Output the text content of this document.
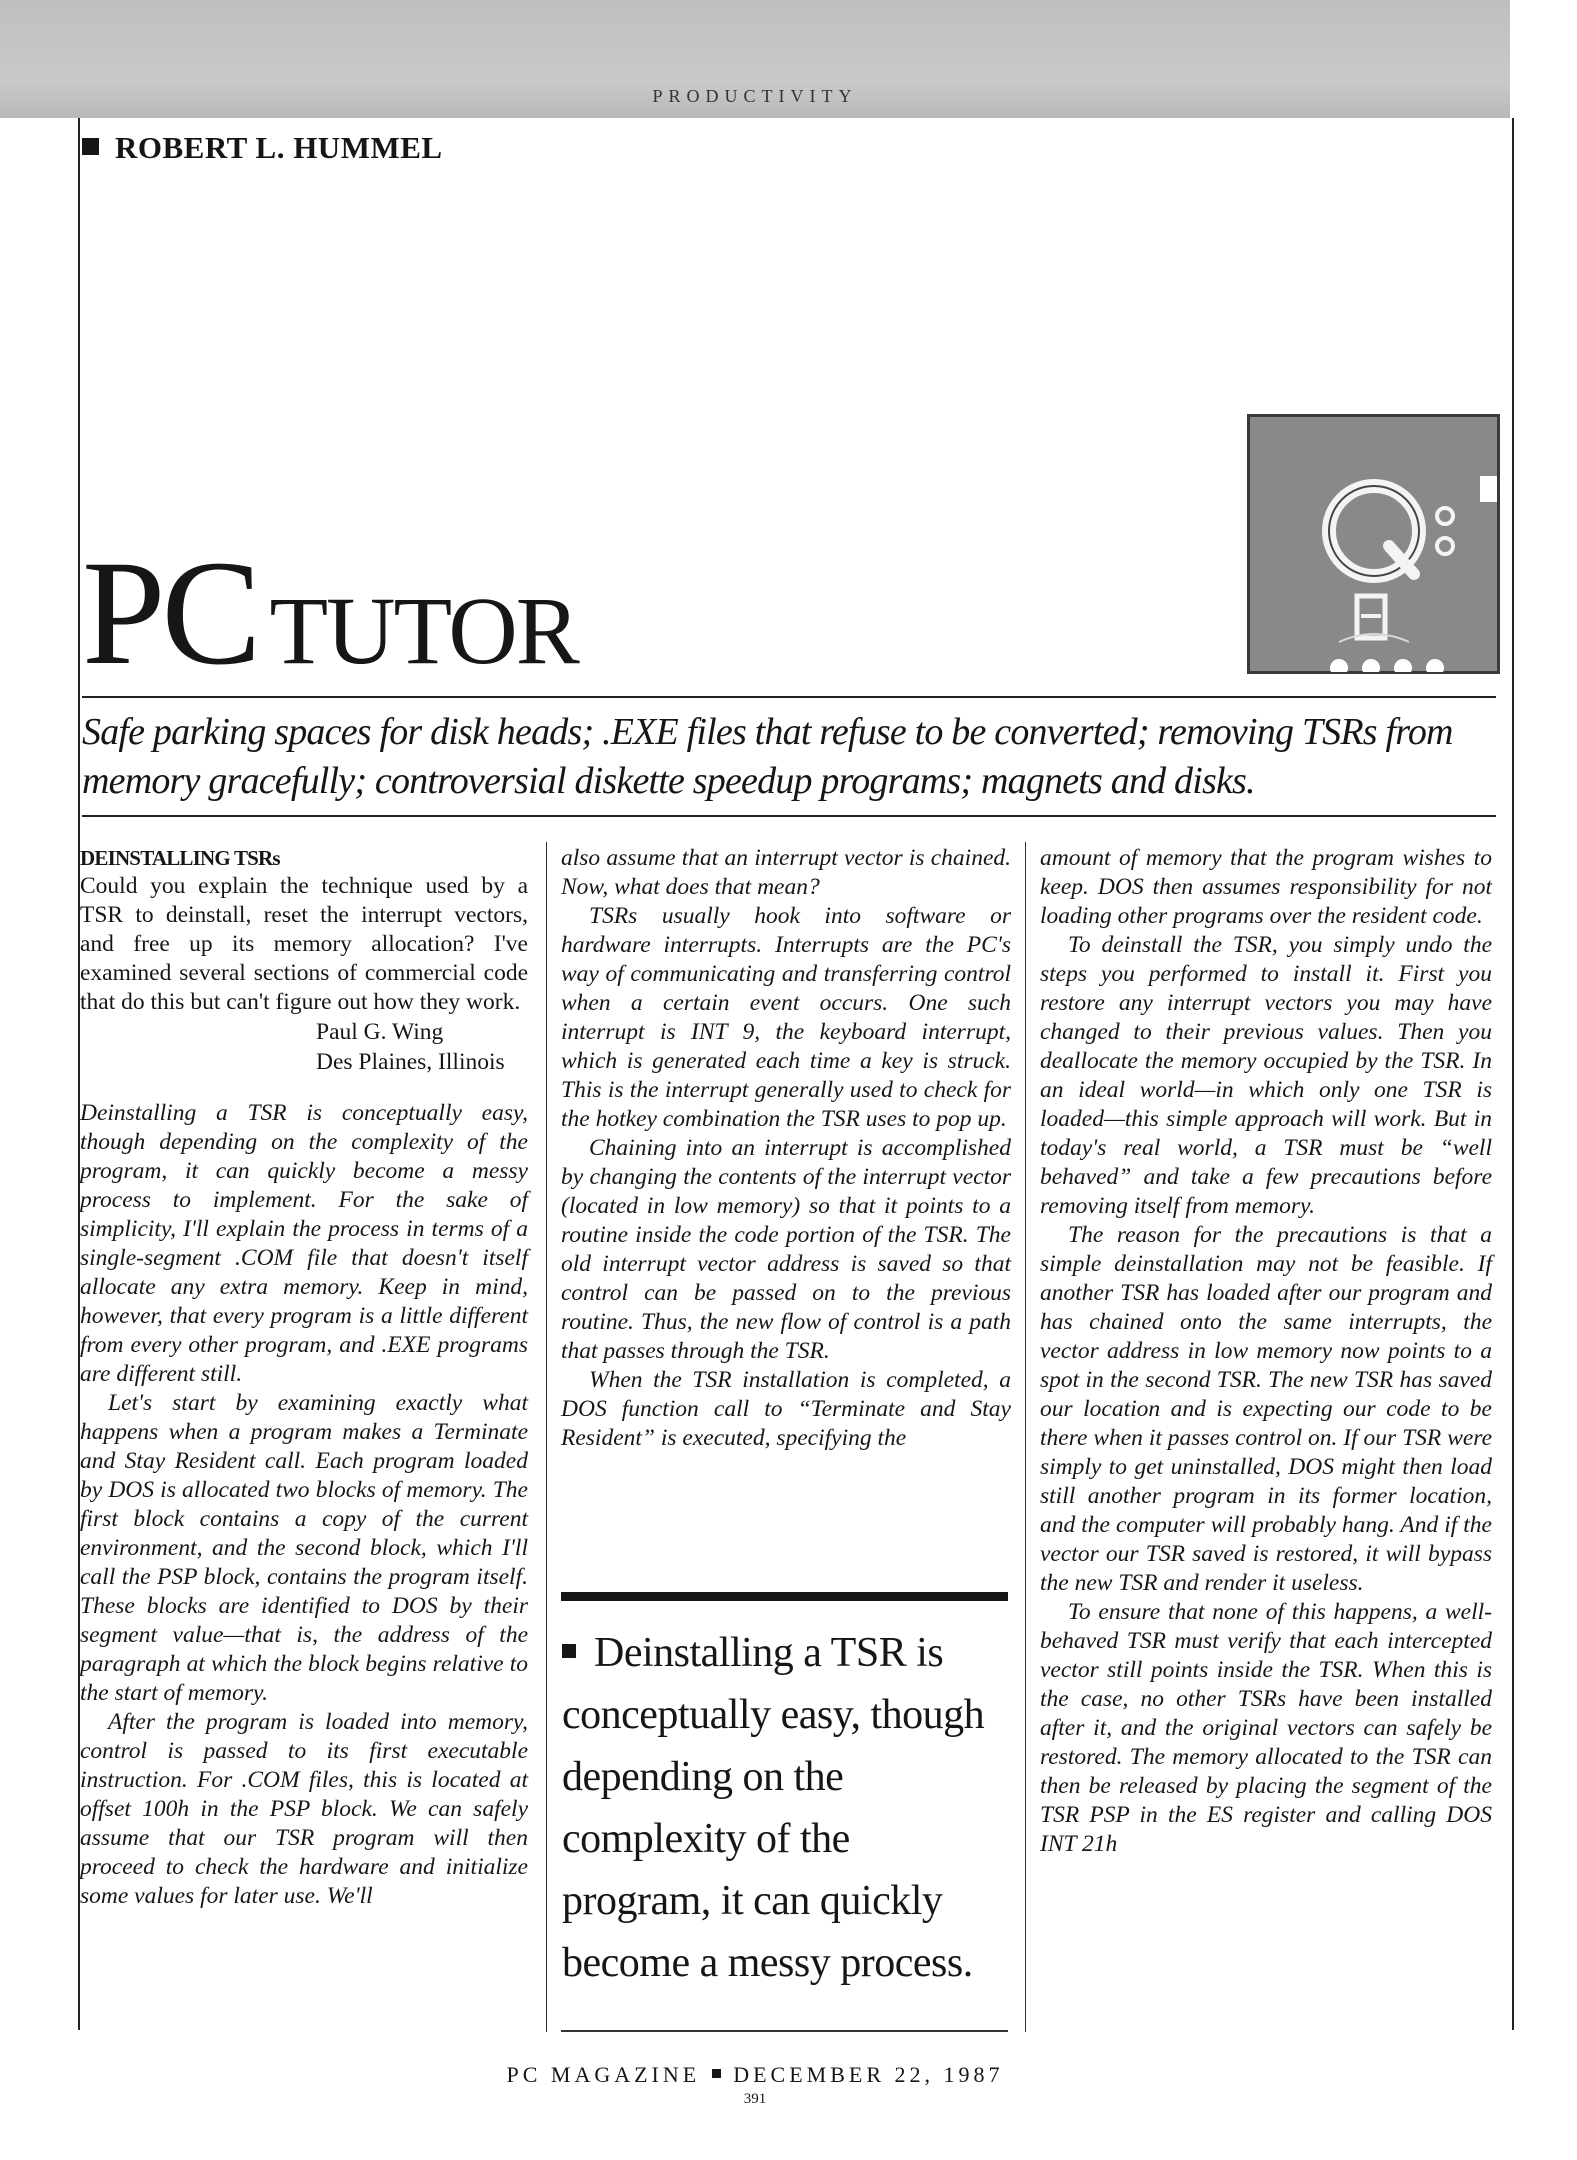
PRODUCTIVITY
ROBERT L. HUMMEL
PC TUTOR
Safe parking spaces for disk heads; .EXE files that refuse to be converted; removing TSRs from memory gracefully; controversial diskette speedup programs; magnets and disks.
DEINSTALLING TSRs

Could you explain the technique used by a TSR to deinstall, reset the interrupt vectors, and free up its memory allocation? I've examined several sections of commercial code that do this but can't figure out how they work.

Paul G. Wing
Des Plaines, Illinois

Deinstalling a TSR is conceptually easy, though depending on the complexity of the program, it can quickly become a messy process to implement. For the sake of simplicity, I'll explain the process in terms of a single-segment .COM file that doesn't itself allocate any extra memory. Keep in mind, however, that every program is a little different from every other program, and .EXE programs are different still.

Let's start by examining exactly what happens when a program makes a Terminate and Stay Resident call. Each program loaded by DOS is allocated two blocks of memory. The first block contains a copy of the current environment, and the second block, which I'll call the PSP block, contains the program itself. These blocks are identified to DOS by their segment value—that is, the address of the paragraph at which the block begins relative to the start of memory.

After the program is loaded into memory, control is passed to its first executable instruction. For .COM files, this is located at offset 100h in the PSP block. We can safely assume that our TSR program will then proceed to check the hardware and initialize some values for later use. We'll

also assume that an interrupt vector is chained. Now, what does that mean?

TSRs usually hook into software or hardware interrupts. Interrupts are the PC's way of communicating and transferring control when a certain event occurs. One such interrupt is INT 9, the keyboard interrupt, which is generated each time a key is struck. This is the interrupt generally used to check for the hotkey combination the TSR uses to pop up.

Chaining into an interrupt is accomplished by changing the contents of the interrupt vector (located in low memory) so that it points to a routine inside the code portion of the TSR. The old interrupt vector address is saved so that control can be passed on to the previous routine. Thus, the new flow of control is a path that passes through the TSR.

When the TSR installation is completed, a DOS function call to “Terminate and Stay Resident” is executed, specifying the

Deinstalling a TSR is conceptually easy, though depending on the complexity of the program, it can quickly become a messy process.

amount of memory that the program wishes to keep. DOS then assumes responsibility for not loading other programs over the resident code.

To deinstall the TSR, you simply undo the steps you performed to install it. First you restore any interrupt vectors you may have changed to their previous values. Then you deallocate the memory occupied by the TSR. In an ideal world—in which only one TSR is loaded—this simple approach will work. But in today's real world, a TSR must be “well behaved” and take a few precautions before removing itself from memory.

The reason for the precautions is that a simple deinstallation may not be feasible. If another TSR has loaded after our program and has chained onto the same interrupts, the vector address in low memory now points to a spot in the second TSR. The new TSR has saved our location and is expecting our code to be there when it passes control on. If our TSR were simply to get uninstalled, DOS might then load still another program in its former location, and the computer will probably hang. And if the vector our TSR saved is restored, it will bypass the new TSR and render it useless.

To ensure that none of this happens, a well-behaved TSR must verify that each intercepted vector still points inside the TSR. When this is the case, no other TSRs have been installed after it, and the original vectors can safely be restored. The memory allocated to the TSR can then be released by placing the segment of the TSR PSP in the ES register and calling DOS INT 21h

PC MAGAZINE DECEMBER 22, 1987
391
